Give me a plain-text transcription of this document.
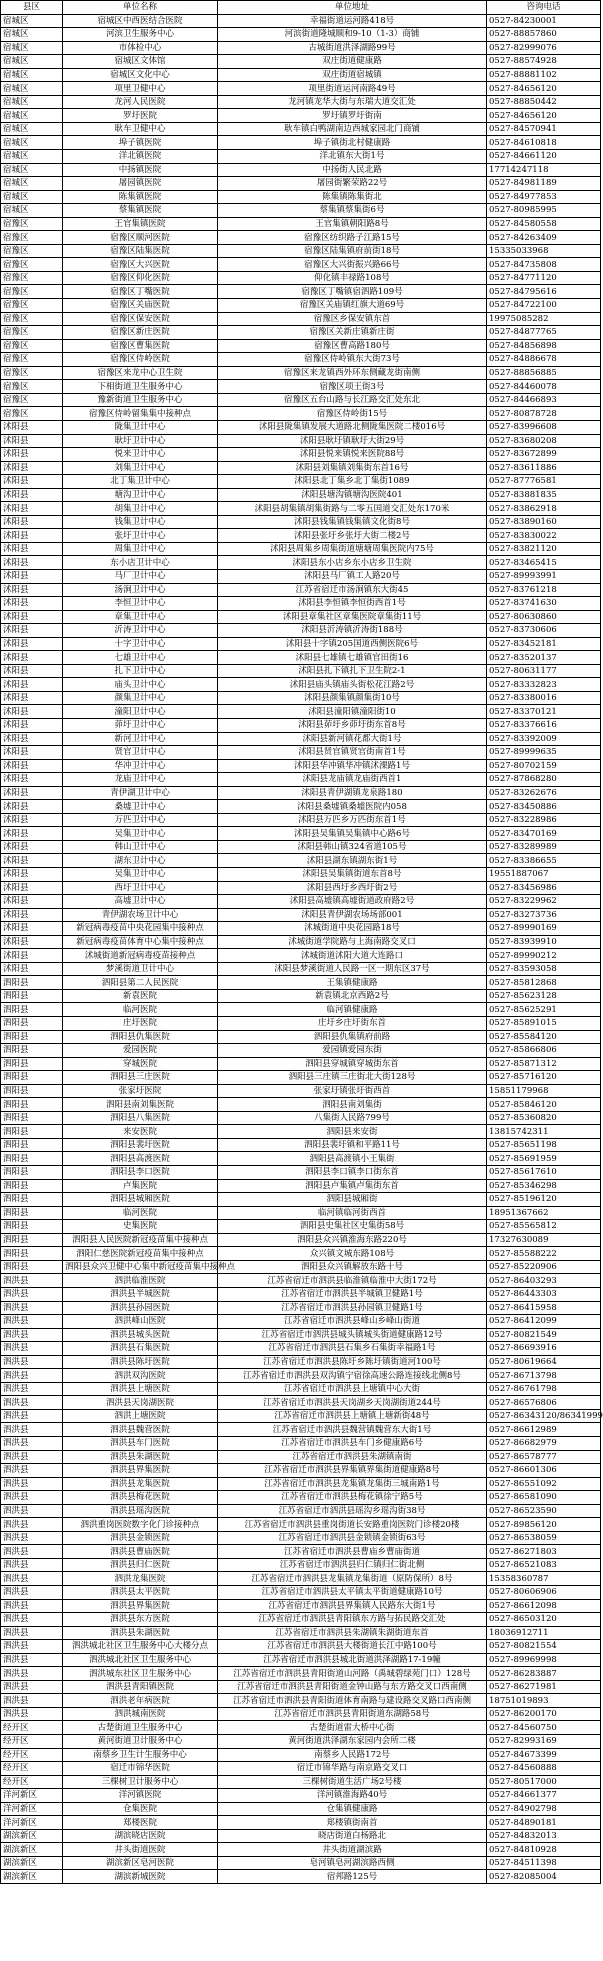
县区	单位名称	单位地址	咨询电话
宿城区	宿城区中西医结合医院	幸福街道运河路418号	0527-84230001
宿城区	河滨卫生服务中心	河滨街道隆城顺和9-10（1-3）商铺	0527-88857860
宿城区	市体检中心	古城街道洪泽湖路99号	0527-82999076
宿城区	宿城区文体馆	双庄街道健康路	0527-88574928
宿城区	宿城区文化中心	双庄街道宿城镇	0527-88881102
宿城区	项里卫健中心	项里街道运河南路49号	0527-84656120
宿城区	龙河人民医院	龙河镇龙华大街与东瑞大道交汇处	0527-88850442
宿城区	罗圩医院	罗圩镇罗圩街南	0527-84656120
宿城区	耿车卫健中心	耿车镇白鸭湖南边西城家园北门商铺	0527-84570941
宿城区	埠子镇医院	埠子镇街北村健康路	0527-84610818
宿城区	洋北镇医院	洋北镇东大街1号	0527-84661120
宿城区	中扬镇医院	中扬街人民北路	17714247118
宿城区	屠园镇医院	屠园街繁荣路22号	0527-84981189
宿城区	陈集镇医院	陈集镇陈集街北	0527-84977853
宿城区	蔡集镇医院	蔡集镇蔡集街6号	0527-80985995
宿豫区	王官集镇医院	王官集镇朝阳路8号	0527-84580558
宿豫区	宿豫区顺河医院	宿豫区纺织路子江路15号	0527-84263409
宿豫区	宿豫区陆集医院	宿豫区陆集镇府前街18号	15335033968
宿豫区	宿豫区大兴医院	宿豫区大兴街振兴路66号	0527-84735808
宿豫区	宿豫区仰化医院	仰化镇丰禄路108号	0527-84771120
宿豫区	宿豫区丁嘴医院	宿豫区丁嘴镇宿泗路109号	0527-84795616
宿豫区	宿豫区关庙医院	宿豫区关庙镇红旗大道69号	0527-84722100
宿豫区	宿豫区保安医院	宿豫区乡保安镇东首	19975085282
宿豫区	宿豫区新庄医院	宿豫区关新庄镇新庄街	0527-84877765
宿豫区	宿豫区曹集医院	宿豫区曹高路180号	0527-84856898
宿豫区	宿豫区侍岭医院	宿豫区侍岭镇东大街73号	0527-84886678
宿豫区	宿豫区来龙中心卫生院	宿豫区来龙镇西外环东侧藏龙街南侧	0527-88856885
宿豫区	下相街道卫生服务中心	宿豫区项王街3号	0527-84460078
宿豫区	豫新街道卫生服务中心	宿豫区五台山路与长江路交汇处东北	0527-84466893
宿豫区	宿豫区侍岭留集集中接种点	宿豫区侍岭街15号	0527-80878728
沭阳县	陇集卫计中心	沭阳县陇集镇发展大道路北侧陇集医院二楼016号	0527-83996608
沭阳县	耿圩卫计中心	沭阳县耿圩镇耿圩大街29号	0527-83680208
沭阳县	悦来卫计中心	沭阳县悦来镇悦来医院88号	0527-83672899
沭阳县	刘集卫计中心	沭阳县刘集镇刘集街东首16号	0527-83611886
沭阳县	北丁集卫计中心	沭阳县北丁集乡北丁集街1089	0527-87776581
沭阳县	塘沟卫计中心	沭阳县塘沟镇塘沟医院401	0527-83881835
沭阳县	胡集卫计中心	沭阳县胡集镇胡集街路与二零五国道交汇处东170米	0527-83862918
沭阳县	钱集卫计中心	沭阳县钱集镇钱集镇文化街8号	0527-83890160
沭阳县	张圩卫计中心	沭阳县张圩乡张圩大街二楼2号	0527-83830022
沭阳县	周集卫计中心	沭阳县周集乡周集街道塘塘周集医院内75号	0527-83821120
沭阳县	东小店卫计中心	沭阳县东小店乡东小店乡卫生院	0527-83465415
沭阳县	马厂卫计中心	沭阳县马厂镇工人路20号	0527-89993991
沭阳县	汤涧卫计中心	江苏省宿迁市汤涧镇东大街45	0527-83761218
沭阳县	李恒卫计中心	沭阳县李恒镇李恒街西首1号	0527-83741630
沭阳县	章集卫计中心	沭阳县章集社区章集医院章集街11号	0527-80630860
沭阳县	沂涛卫计中心	沭阳县沂涛镇沂涛街188号	0527-83730606
沭阳县	十字卫计中心	沭阳县十字镇205国道西侧医院6号	0527-83452181
沭阳县	七雄卫计中心	沭阳县七雄镇七雄镇官田街16	0527-83520137
沭阳县	扎下卫计中心	沭阳县扎下镇扎下卫生院2-1	0527-80631177
沭阳县	庙头卫计中心	沭阳县庙头镇庙头街松花江路2号	0527-83332823
沭阳县	颜集卫计中心	沭阳县颜集镇颜集街10号	0527-83380016
沭阳县	潼阳卫计中心	沭阳县潼阳镇潼阳街10	0527-83370121
沭阳县	茆圩卫计中心	沭阳县茆圩乡茆圩街东首8号	0527-83376616
沭阳县	新河卫计中心	沭阳县新河镇花都大街1号	0527-83392009
沭阳县	贤官卫计中心	沭阳县贤官镇贤官街南首1号	0527-89999635
沭阳县	华冲卫计中心	沭阳县华冲镇华冲镇沭溧路1号	0527-80702159
沭阳县	龙庙卫计中心	沭阳县龙庙镇龙庙街西首1	0527-87868280
沭阳县	青伊湖卫计中心	沭阳县青伊湖镇龙泉路180	0527-83262676
沭阳县	桑墟卫计中心	沭阳县桑墟镇桑墟医院内058	0527-83450886
沭阳县	万匹卫计中心	沭阳县万匹乡万匹街东首1号	0527-83228986
沭阳县	吴集卫计中心	沭阳县吴集镇吴集镇中心路6号	0527-83470169
沭阳县	韩山卫计中心	沭阳县韩山镇324省道105号	0527-83289989
沭阳县	湖东卫计中心	沭阳县湖东镇湖东街1号	0527-83386655
沭阳县	吴集卫计中心	沭阳县吴集镇街道东首8号	19551887067
沭阳县	西圩卫计中心	沭阳县西圩乡西圩街2号	0527-83456986
沭阳县	高墟卫计中心	沭阳县高墟镇高墟街道政府路2号	0527-83229962
沭阳县	青伊湖农场卫计中心	沭阳县青伊湖农场场部001	0527-83273736
沭阳县	新冠病毒疫苗中央花园集中接种点	沭城街道中央花园路18号	0527-89990169
沭阳县	新冠病毒疫苗体育中心集中接种点	沭城街道学院路与上海南路交叉口	0527-83939910
沭阳县	沭城街道新冠病毒疫苗接种点	沭城街道沭阳大道大连路口	0527-89990212
沭阳县	梦溪街道卫计中心	沭阳县梦溪街道人民路一区一期东区37号	0527-83593058
泗阳县	泗阳县第二人民医院	王集镇健康路	0527-85812868
泗阳县	新袁医院	新袁镇北京西路2号	0527-85623128
泗阳县	临河医院	临河镇健康路	0527-85625291
泗阳县	庄圩医院	庄圩乡庄圩街东首	0527-85891015
泗阳县	泗阳县仇集医院	泗阳县仇集镇府前路	0527-85584120
泗阳县	爱园医院	爱园镇爱园东街	0527-85866806
泗阳县	穿城医院	泗阳县穿城镇穿城街东首	0527-85871312
泗阳县	泗阳县三庄医院	泗阳县三庄镇三庄街北大街128号	0527-85716120
泗阳县	张家圩医院	张家圩镇张圩街西首	15851179968
泗阳县	泗阳县南刘集医院	泗阳县南刘集街	0527-85846120
泗阳县	泗阳县八集医院	八集街人民路799号	0527-85360820
泗阳县	来安医院	泗阳县来安街	13815742311
泗阳县	泗阳县裴圩医院	泗阳县裴圩镇和平路11号	0527-85651198
泗阳县	泗阳县高渡医院	泗阳县高渡镇小王集街	0527-85691959
泗阳县	泗阳县李口医院	泗阳县李口镇李口街东首	0527-85617610
泗阳县	卢集医院	泗阳县卢集镇卢集街东首	0527-85346298
泗阳县	泗阳县城厢医院	泗阳县城厢街	0527-85196120
泗阳县	临河医院	临河镇临河街西首	18951367662
泗阳县	史集医院	泗阳县史集社区史集街58号	0527-85565812
泗阳县	泗阳县人民医院新冠疫苗集中接种点	泗阳县众兴镇淮海东路220号	17327630089
泗阳县	泗阳仁慈医院新冠疫苗集中接种点	众兴镇文城东路108号	0527-85588222
泗阳县	泗阳县众兴卫健中心集中新冠疫苗集中接种点	泗阳县众兴镇解放东路十号	0527-85220906
泗洪县	泗洪临淮医院	江苏省宿迁市泗洪县临淮镇临淮中大街172号	0527-86403293
泗洪县	泗洪县半城医院	江苏省宿迁市泗洪县半城镇卫健路1号	0527-86443303
泗洪县	泗洪县孙园医院	江苏省宿迁市泗洪县孙园镇卫健路1号	0527-86415958
泗洪县	泗洪峰山医院	江苏省宿迁市泗洪县峰山乡峰山街道	0527-86412099
泗洪县	泗洪县城头医院	江苏省宿迁市泗洪县城头镇城头街道健康路12号	0527-80821549
泗洪县	泗洪县石集医院	江苏省宿迁市泗洪县石集乡石集街幸福路1号	0527-86693916
泗洪县	泗洪县陈圩医院	江苏省宿迁市泗洪县陈圩乡陈圩镇街道河100号	0527-80619664
泗洪县	泗洪双沟医院	江苏省宿迁市泗洪县双沟镇宁宿徐高速公路连接线北侧8号	0527-86713798
泗洪县	泗洪县上塘医院	江苏省宿迁市泗洪县上塘镇中心大街	0527-86761798
泗洪县	泗洪县天岗湖医院	江苏省宿迁市泗洪县天岗湖乡天岗湖街道244号	0527-86576806
泗洪县	泗洪上塘医院	江苏省宿迁市泗洪县上塘镇上塘新街48号	0527-86343120/86341999
泗洪县	泗洪县魏营医院	江苏省宿迁市泗洪县魏营镇魏营东大街1号	0527-86612989
泗洪县	泗洪县车门医院	江苏省宿迁市泗洪县车门乡健康路6号	0527-86682979
泗洪县	泗洪县朱湖医院	江苏省宿迁市泗洪县朱湖镇南街	0527-86578777
泗洪县	泗洪县界集医院	江苏省宿迁市泗洪县界集镇界集街道健康路8号	0527-86601306
泗洪县	泗洪县龙集医院	江苏省宿迁市泗洪县龙集镇龙集街三城南路1号	0527-86551092
泗洪县	泗洪县梅花医院	江苏省宿迁市泗洪县梅花镇徐宁路5号	0527-86581090
泗洪县	泗洪县瑶沟医院	江苏省宿迁市泗洪县瑶沟乡瑶沟街38号	0527-86523590
泗洪县	泗洪重岗医院数字化门诊接种点	江苏省宿迁市泗洪县重岗街道长安路重岗医院门诊楼20楼	0527-89856120
泗洪县	泗洪县金锁医院	江苏省宿迁市泗洪县金锁镇金锁街63号	0527-86538059
泗洪县	泗洪县曹庙医院	江苏省宿迁市泗洪县曹庙乡曹庙街道	0527-86271803
泗洪县	泗洪县归仁医院	江苏省宿迁市泗洪县归仁镇归仁街北侧	0527-86521083
泗洪县	泗洪龙集医院	江苏省宿迁市泗洪县龙集镇龙集街道（原防保所）8号	15358360787
泗洪县	泗洪县太平医院	江苏省宿迁市泗洪县太平镇太平街道健康路10号	0527-80606906
泗洪县	泗洪县界集医院	江苏省宿迁市泗洪县界集镇人民路东大街1号	0527-86612098
泗洪县	泗洪县东方医院	江苏省宿迁市泗洪县青阳镇东方路与拓民路交汇处	0527-86503120
泗洪县	泗洪县朱湖医院	江苏省宿迁市泗洪县朱湖镇朱湖街道东首	18036912711
泗洪县	泗洪城北社区卫生服务中心大楼分点	江苏省宿迁市泗洪县大楼街道长江中路100号	0527-80821554
泗洪县	泗洪城北社区卫生服务中心	江苏省宿迁市泗洪县城北街道洪泽湖路17-19幢	0527-89969998
泗洪县	泗洪城东社区卫生服务中心	江苏省宿迁市泗洪县青阳街道山河路（禹城碧绿苑门口）128号	0527-86283887
泗洪县	泗洪县青阳镇医院	江苏省宿迁市泗洪县青阳街道金钟山路与东方路交叉口西南侧	0527-86271981
泗洪县	泗洪老年病医院	江苏省宿迁市泗洪县青阳街道体育南路与建设路交叉路口西南侧	18751019893
泗洪县	泗洪城南医院	江苏省宿迁市泗洪县青阳街道东湖路58号	0527-86200170
经开区	古楚街道卫生服务中心	古楚街道雷大桥中心街	0527-84560750
经开区	黄河街道卫计服务中心	黄河街道洪泽湖东家园内会所二楼	0527-82993169
经开区	南蔡乡卫生计生服务中心	南蔡乡人民路172号	0527-84673399
经开区	宿迁市锦华医院	宿迁市锦华路与南京路交叉口	0527-84560888
经开区	三棵树卫计服务中心	三棵树街道生活广场2号楼	0527-80517000
洋河新区	洋河镇医院	洋河镇淮海路40号	0527-84661377
洋河新区	仓集医院	仓集镇健康路	0527-84902798
洋河新区	郑楼医院	郑楼镇街南首	0527-84890181
湖滨新区	湖滨晓店医院	晓店街道白杨路北	0527-84832013
湖滨新区	井头街道医院	井头街道湖滨路	0527-84810928
湖滨新区	湖滨新区皂河医院	皂河镇皂河湖滨路西侧	0527-84511398
湖滨新区	湖滨新城医院	宿邦路125号	0527-82085004
